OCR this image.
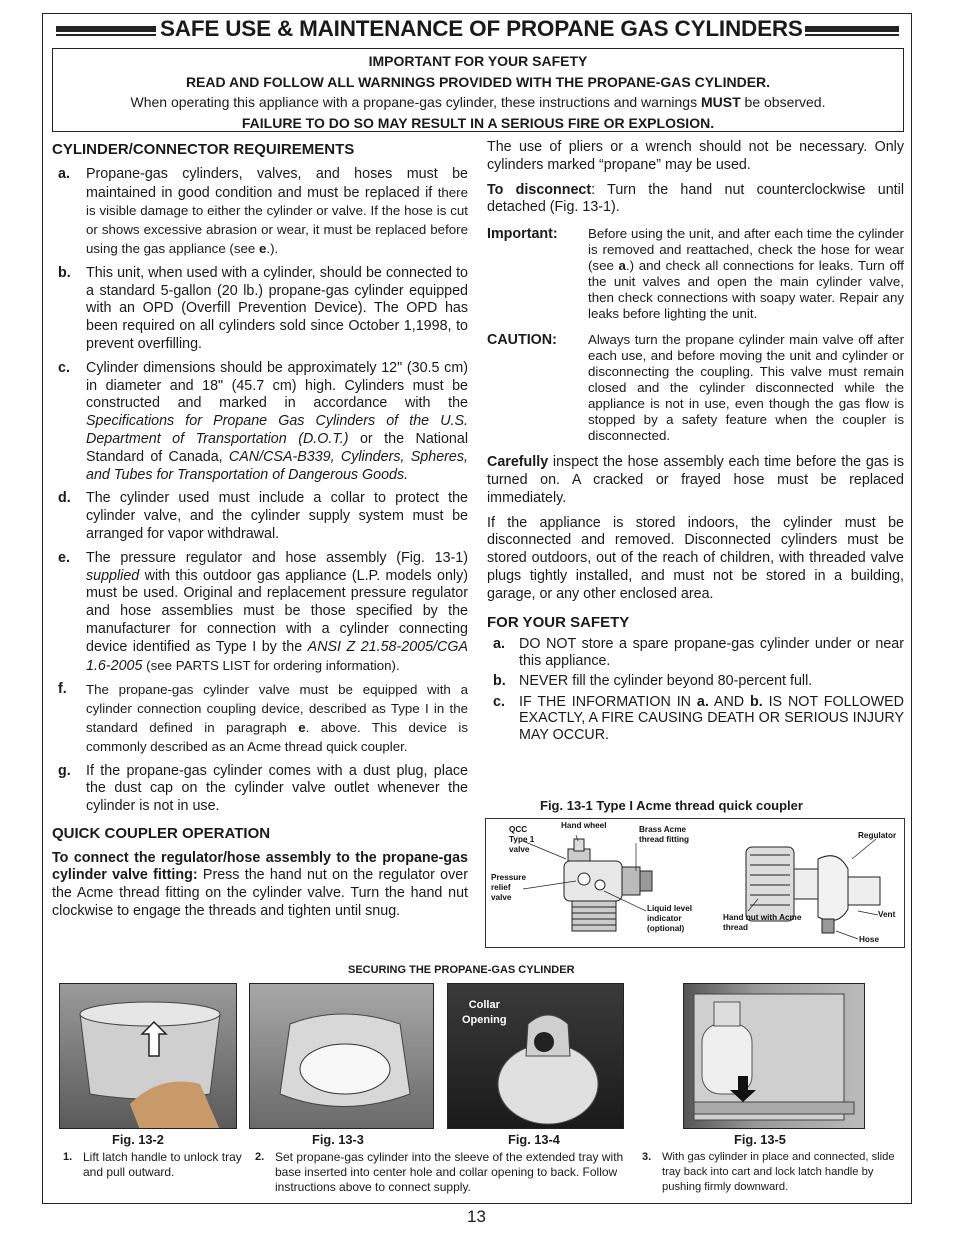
SAFE USE & MAINTENANCE OF PROPANE GAS CYLINDERS
IMPORTANT FOR YOUR SAFETY
READ AND FOLLOW ALL WARNINGS PROVIDED WITH THE PROPANE-GAS CYLINDER.
When operating this appliance with a propane-gas cylinder, these instructions and warnings MUST be observed.
FAILURE TO DO SO MAY RESULT IN A SERIOUS FIRE OR EXPLOSION.
CYLINDER/CONNECTOR REQUIREMENTS
a. Propane-gas cylinders, valves, and hoses must be maintained in good condition and must be replaced if there is visible damage to either the cylinder or valve. If the hose is cut or shows excessive abrasion or wear, it must be replaced before using the gas appliance (see e.).
b. This unit, when used with a cylinder, should be connected to a standard 5-gallon (20 lb.) propane-gas cylinder equipped with an OPD (Overfill Prevention Device). The OPD has been required on all cylinders sold since October 1,1998, to prevent overfilling.
c. Cylinder dimensions should be approximately 12" (30.5 cm) in diameter and 18" (45.7 cm) high. Cylinders must be constructed and marked in accordance with the Specifications for Propane Gas Cylinders of the U.S. Department of Transportation (D.O.T.) or the National Standard of Canada, CAN/CSA-B339, Cylinders, Spheres, and Tubes for Transportation of Dangerous Goods.
d. The cylinder used must include a collar to protect the cylinder valve, and the cylinder supply system must be arranged for vapor withdrawal.
e. The pressure regulator and hose assembly (Fig. 13-1) supplied with this outdoor gas appliance (L.P. models only) must be used. Original and replacement pressure regulator and hose assemblies must be those specified by the manufacturer for connection with a cylinder connecting device identified as Type I by the ANSI Z 21.58-2005/CGA 1.6-2005 (see PARTS LIST for ordering information).
f. The propane-gas cylinder valve must be equipped with a cylinder connection coupling device, described as Type I in the standard defined in paragraph e. above. This device is commonly described as an Acme thread quick coupler.
g. If the propane-gas cylinder comes with a dust plug, place the dust cap on the cylinder valve outlet whenever the cylinder is not in use.
QUICK COUPLER OPERATION

To connect the regulator/hose assembly to the propane-gas cylinder valve fitting: Press the hand nut on the regulator over the Acme thread fitting on the cylinder valve. Turn the hand nut clockwise to engage the threads and tighten until snug.

The use of pliers or a wrench should not be necessary. Only cylinders marked “propane” may be used.

To disconnect: Turn the hand nut counterclockwise until detached (Fig. 13-1).

Important: Before using the unit, and after each time the cylinder is removed and reattached, check the hose for wear (see a.) and check all connections for leaks. Turn off the unit valves and open the main cylinder valve, then check connections with soapy water. Repair any leaks before lighting the unit.
CAUTION: Always turn the propane cylinder main valve off after each use, and before moving the unit and cylinder or disconnecting the coupling. This valve must remain closed and the cylinder disconnected while the appliance is not in use, even though the gas flow is stopped by a safety feature when the coupler is disconnected.

Carefully inspect the hose assembly each time before the gas is turned on. A cracked or frayed hose must be replaced immediately.

If the appliance is stored indoors, the cylinder must be disconnected and removed. Disconnected cylinders must be stored outdoors, out of the reach of children, with threaded valve plugs tightly installed, and must not be stored in a building, garage, or any other enclosed area.

FOR YOUR SAFETY
a. DO NOT store a spare propane-gas cylinder under or near this appliance.
b. NEVER fill the cylinder beyond 80-percent full.
c. IF THE INFORMATION IN a. AND b. IS NOT FOLLOWED EXACTLY, A FIRE CAUSING DEATH OR SERIOUS INJURY MAY OCCUR.
Fig. 13-1 Type I Acme thread quick coupler
Hand wheel
QCC
Type 1
valve
Brass Acme
thread fitting
Pressure
relief
valve
Liquid level
indicator
(optional)
Hand nut with Acme
thread
Regulator
Vent
Hose
SECURING THE PROPANE-GAS CYLINDER
Collar
Opening
Fig. 13-2	Fig. 13-3	Fig. 13-4	Fig. 13-5
1. Lift latch handle to unlock tray and pull outward.
2. Set propane-gas cylinder into the sleeve of the extended tray with base inserted into center hole and collar opening to back. Follow instructions above to connect supply.
3. With gas cylinder in place and connected, slide tray back into cart and lock latch handle by pushing firmly downward.
13
